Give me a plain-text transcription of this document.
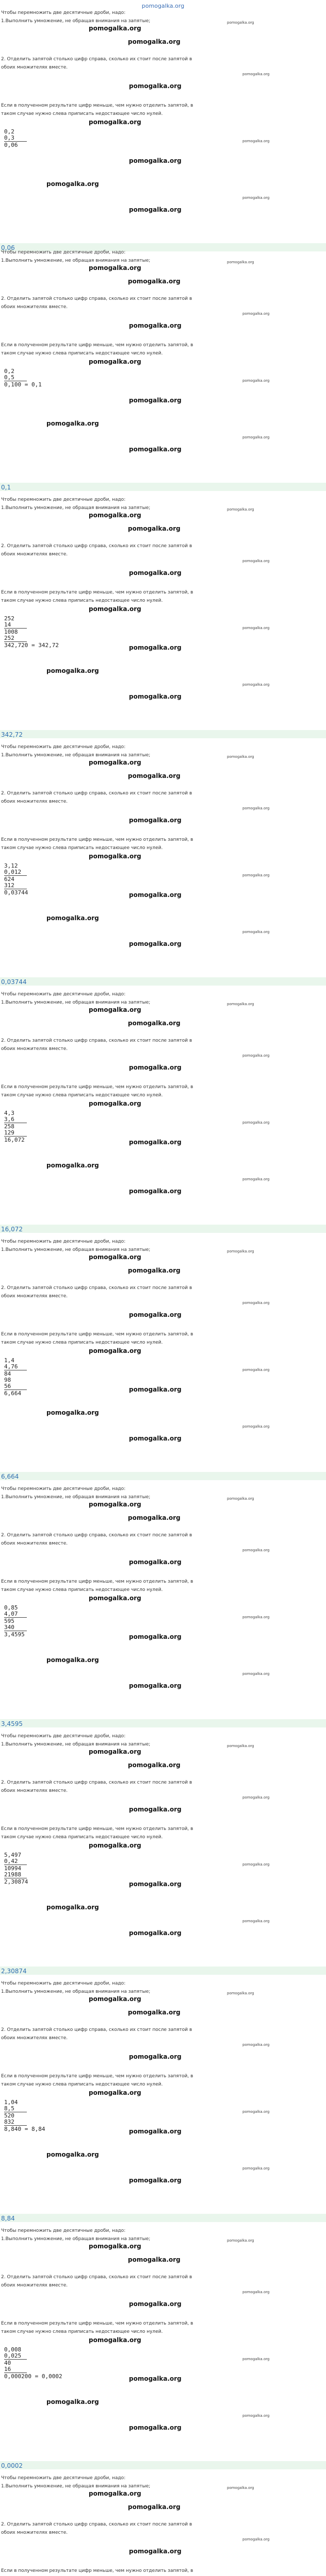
pomogalka.org
Чтобы перемножить две десятичные дроби, надо:
1.Выполнить умножение, не обращая внимания на запятые;
2. Отделить запятой столько цифр справа, сколько их стоит после запятой в
обоих множителях вместе.
Если в полученном результате цифр меньше, чем нужно отделить запятой, в
таком случае нужно слева приписать недостающее число нулей.
0,2
0,3
0,06
0,06
pomogalka.org
pomogalka.org
pomogalka.org
pomogalka.org
pomogalka.org
pomogalka.org
pomogalka.org
pomogalka.org
pomogalka.org
pomogalka.org
pomogalka.org
Чтобы перемножить две десятичные дроби, надо:
1.Выполнить умножение, не обращая внимания на запятые;
2. Отделить запятой столько цифр справа, сколько их стоит после запятой в
обоих множителях вместе.
Если в полученном результате цифр меньше, чем нужно отделить запятой, в
таком случае нужно слева приписать недостающее число нулей.
0,2
0,5
0,100 = 0,1
0,1
pomogalka.org
pomogalka.org
pomogalka.org
pomogalka.org
pomogalka.org
pomogalka.org
pomogalka.org
pomogalka.org
pomogalka.org
pomogalka.org
pomogalka.org
Чтобы перемножить две десятичные дроби, надо:
1.Выполнить умножение, не обращая внимания на запятые;
2. Отделить запятой столько цифр справа, сколько их стоит после запятой в
обоих множителях вместе.
Если в полученном результате цифр меньше, чем нужно отделить запятой, в
таком случае нужно слева приписать недостающее число нулей.
252
14
1008
252
342,720 = 342,72
342,72
pomogalka.org
pomogalka.org
pomogalka.org
pomogalka.org
pomogalka.org
pomogalka.org
pomogalka.org
pomogalka.org
pomogalka.org
pomogalka.org
pomogalka.org
Чтобы перемножить две десятичные дроби, надо:
1.Выполнить умножение, не обращая внимания на запятые;
2. Отделить запятой столько цифр справа, сколько их стоит после запятой в
обоих множителях вместе.
Если в полученном результате цифр меньше, чем нужно отделить запятой, в
таком случае нужно слева приписать недостающее число нулей.
3,12
0,012
624
312
0,03744
0,03744
pomogalka.org
pomogalka.org
pomogalka.org
pomogalka.org
pomogalka.org
pomogalka.org
pomogalka.org
pomogalka.org
pomogalka.org
pomogalka.org
pomogalka.org
Чтобы перемножить две десятичные дроби, надо:
1.Выполнить умножение, не обращая внимания на запятые;
2. Отделить запятой столько цифр справа, сколько их стоит после запятой в
обоих множителях вместе.
Если в полученном результате цифр меньше, чем нужно отделить запятой, в
таком случае нужно слева приписать недостающее число нулей.
4,3
3,6
258
129
16,072
16,072
pomogalka.org
pomogalka.org
pomogalka.org
pomogalka.org
pomogalka.org
pomogalka.org
pomogalka.org
pomogalka.org
pomogalka.org
pomogalka.org
pomogalka.org
Чтобы перемножить две десятичные дроби, надо:
1.Выполнить умножение, не обращая внимания на запятые;
2. Отделить запятой столько цифр справа, сколько их стоит после запятой в
обоих множителях вместе.
Если в полученном результате цифр меньше, чем нужно отделить запятой, в
таком случае нужно слева приписать недостающее число нулей.
1,4
4,76
84
98
56
6,664
6,664
pomogalka.org
pomogalka.org
pomogalka.org
pomogalka.org
pomogalka.org
pomogalka.org
pomogalka.org
pomogalka.org
pomogalka.org
pomogalka.org
pomogalka.org
Чтобы перемножить две десятичные дроби, надо:
1.Выполнить умножение, не обращая внимания на запятые;
2. Отделить запятой столько цифр справа, сколько их стоит после запятой в
обоих множителях вместе.
Если в полученном результате цифр меньше, чем нужно отделить запятой, в
таком случае нужно слева приписать недостающее число нулей.
0,85
4,07
595
340
3,4595
3,4595
pomogalka.org
pomogalka.org
pomogalka.org
pomogalka.org
pomogalka.org
pomogalka.org
pomogalka.org
pomogalka.org
pomogalka.org
pomogalka.org
pomogalka.org
Чтобы перемножить две десятичные дроби, надо:
1.Выполнить умножение, не обращая внимания на запятые;
2. Отделить запятой столько цифр справа, сколько их стоит после запятой в
обоих множителях вместе.
Если в полученном результате цифр меньше, чем нужно отделить запятой, в
таком случае нужно слева приписать недостающее число нулей.
5,497
0,42
10994
21988
2,30874
2,30874
pomogalka.org
pomogalka.org
pomogalka.org
pomogalka.org
pomogalka.org
pomogalka.org
pomogalka.org
pomogalka.org
pomogalka.org
pomogalka.org
pomogalka.org
Чтобы перемножить две десятичные дроби, надо:
1.Выполнить умножение, не обращая внимания на запятые;
2. Отделить запятой столько цифр справа, сколько их стоит после запятой в
обоих множителях вместе.
Если в полученном результате цифр меньше, чем нужно отделить запятой, в
таком случае нужно слева приписать недостающее число нулей.
1,04
8,5
520
832
8,840 = 8,84
8,84
pomogalka.org
pomogalka.org
pomogalka.org
pomogalka.org
pomogalka.org
pomogalka.org
pomogalka.org
pomogalka.org
pomogalka.org
pomogalka.org
pomogalka.org
Чтобы перемножить две десятичные дроби, надо:
1.Выполнить умножение, не обращая внимания на запятые;
2. Отделить запятой столько цифр справа, сколько их стоит после запятой в
обоих множителях вместе.
Если в полученном результате цифр меньше, чем нужно отделить запятой, в
таком случае нужно слева приписать недостающее число нулей.
0,008
0,025
40
16
0,000200 = 0,0002
0,0002
pomogalka.org
pomogalka.org
pomogalka.org
pomogalka.org
pomogalka.org
pomogalka.org
pomogalka.org
pomogalka.org
pomogalka.org
pomogalka.org
pomogalka.org
Чтобы перемножить две десятичные дроби, надо:
1.Выполнить умножение, не обращая внимания на запятые;
2. Отделить запятой столько цифр справа, сколько их стоит после запятой в
обоих множителях вместе.
Если в полученном результате цифр меньше, чем нужно отделить запятой, в
pomogalka.org
pomogalka.org
pomogalka.org
pomogalka.org
pomogalka.org
